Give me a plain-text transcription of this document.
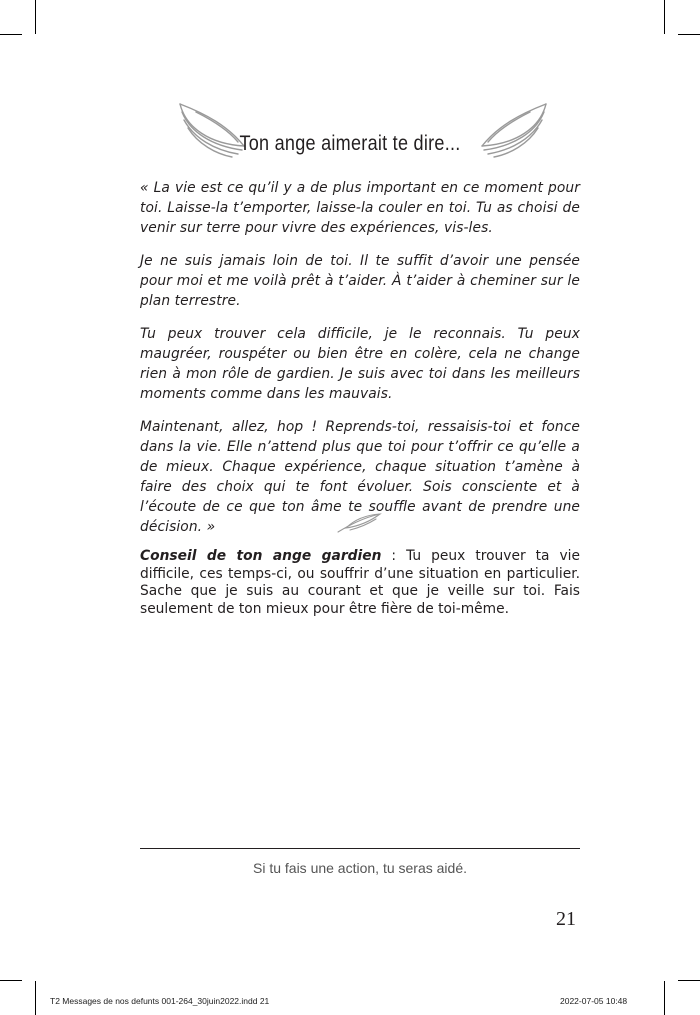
Ton ange aimerait te dire...

« La vie est ce qu’il y a de plus important en ce moment pour toi. Laisse-la t’emporter, laisse-la couler en toi. Tu as choisi de venir sur terre pour vivre des expériences, vis-les.

Je ne suis jamais loin de toi. Il te suffit d’avoir une pensée pour moi et me voilà prêt à t’aider. À t’aider à cheminer sur le plan terrestre.

Tu peux trouver cela difficile, je le reconnais. Tu peux maugréer, rouspéter ou bien être en colère, cela ne change rien à mon rôle de gardien. Je suis avec toi dans les meilleurs moments comme dans les mauvais.

Maintenant, allez, hop ! Reprends-toi, ressaisis-toi et fonce dans la vie. Elle n’attend plus que toi pour t’offrir ce qu’elle a de mieux. Chaque expérience, chaque situation t’amène à faire des choix qui te font évoluer. Sois consciente et à l’écoute de ce que ton âme te souffle avant de prendre une décision. »

Conseil de ton ange gardien : Tu peux trouver ta vie difficile, ces temps-ci, ou souffrir d’une situation en particulier. Sache que je suis au courant et que je veille sur toi. Fais seulement de ton mieux pour être fière de toi-même.
Si tu fais une action, tu seras aidé.
21
T2 Messages de nos defunts 001-264_30juin2022.indd 21	2022-07-05 10:48
